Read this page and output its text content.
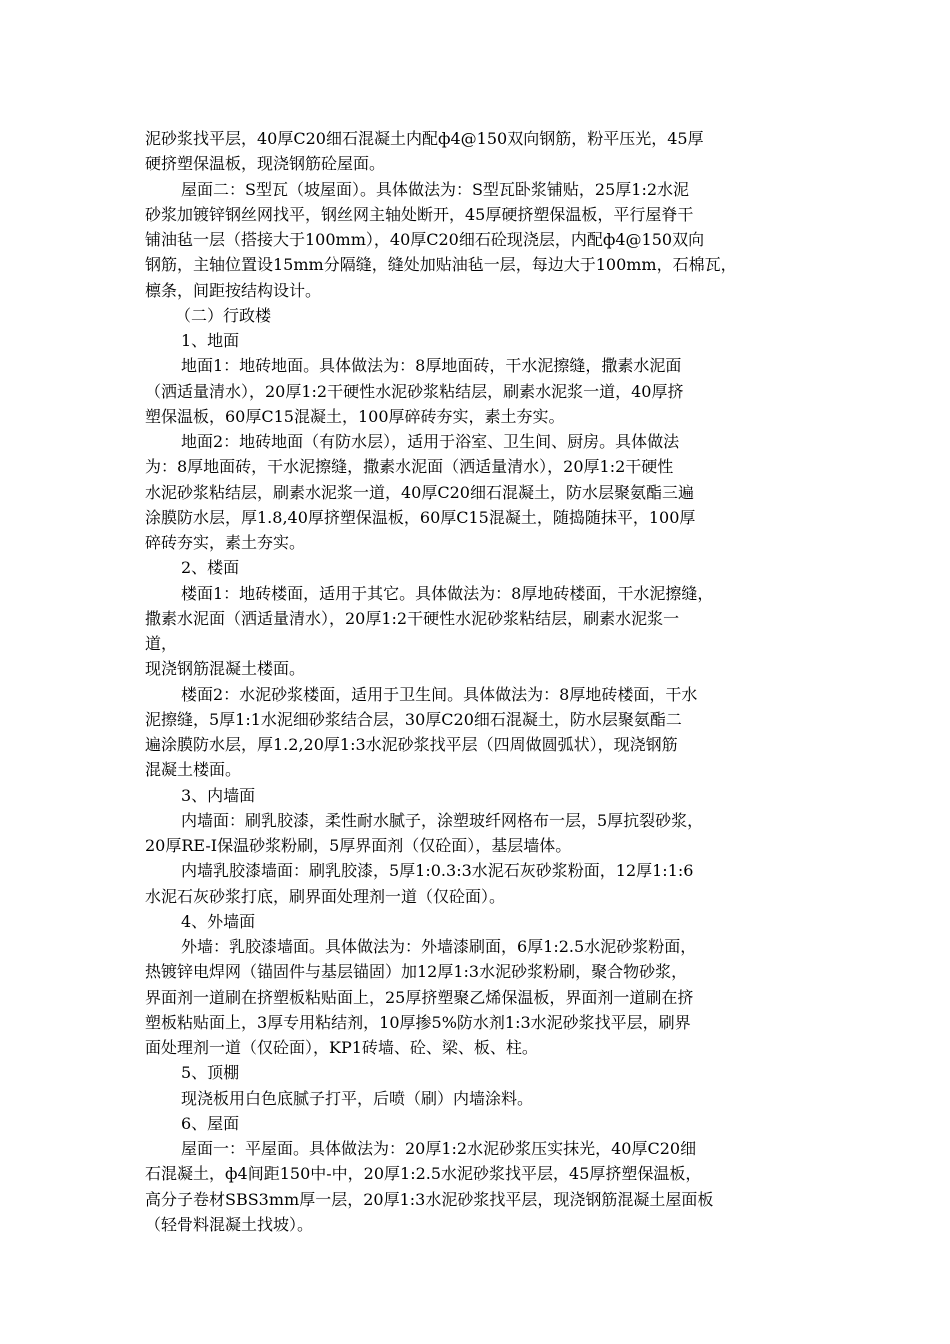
泥砂浆找平层，40厚C20细石混凝土内配ф4@150双向钢筋，粉平压光，45厚
硬挤塑保温板，现浇钢筋砼屋面。
屋面二：S型瓦（坡屋面）。具体做法为：S型瓦卧浆铺贴，25厚1:2水泥
砂浆加镀锌钢丝网找平，钢丝网主轴处断开，45厚硬挤塑保温板，平行屋脊干
铺油毡一层（搭接大于100mm），40厚C20细石砼现浇层，内配ф4@150双向
钢筋，主轴位置设15mm分隔缝，缝处加贴油毡一层，每边大于100mm，石棉瓦，
檩条，间距按结构设计。
（二）行政楼
1、地面
地面1：地砖地面。具体做法为：8厚地面砖，干水泥擦缝，撒素水泥面
（洒适量清水），20厚1:2干硬性水泥砂浆粘结层，刷素水泥浆一道，40厚挤
塑保温板，60厚C15混凝土，100厚碎砖夯实，素土夯实。
地面2：地砖地面（有防水层），适用于浴室、卫生间、厨房。具体做法
为：8厚地面砖，干水泥擦缝，撒素水泥面（洒适量清水），20厚1:2干硬性
水泥砂浆粘结层，刷素水泥浆一道，40厚C20细石混凝土，防水层聚氨酯三遍
涂膜防水层，厚1.8,40厚挤塑保温板，60厚C15混凝土，随捣随抹平，100厚
碎砖夯实，素土夯实。
2、楼面
楼面1：地砖楼面，适用于其它。具体做法为：8厚地砖楼面，干水泥擦缝，
撒素水泥面（洒适量清水），20厚1:2干硬性水泥砂浆粘结层，刷素水泥浆一
道，
现浇钢筋混凝土楼面。
楼面2：水泥砂浆楼面，适用于卫生间。具体做法为：8厚地砖楼面，干水
泥擦缝，5厚1:1水泥细砂浆结合层，30厚C20细石混凝土，防水层聚氨酯二
遍涂膜防水层，厚1.2,20厚1:3水泥砂浆找平层（四周做圆弧状），现浇钢筋
混凝土楼面。
3、内墙面
内墙面：刷乳胶漆，柔性耐水腻子，涂塑玻纤网格布一层，5厚抗裂砂浆，
20厚RE-I保温砂浆粉刷，5厚界面剂（仅砼面），基层墙体。
内墙乳胶漆墙面：刷乳胶漆，5厚1:0.3:3水泥石灰砂浆粉面，12厚1:1:6
水泥石灰砂浆打底，刷界面处理剂一道（仅砼面）。
4、外墙面
外墙：乳胶漆墙面。具体做法为：外墙漆刷面，6厚1:2.5水泥砂浆粉面，
热镀锌电焊网（锚固件与基层锚固）加12厚1:3水泥砂浆粉刷，聚合物砂浆，
界面剂一道刷在挤塑板粘贴面上，25厚挤塑聚乙烯保温板，界面剂一道刷在挤
塑板粘贴面上，3厚专用粘结剂，10厚掺5%防水剂1:3水泥砂浆找平层，刷界
面处理剂一道（仅砼面），KP1砖墙、砼、梁、板、柱。
5、顶棚
现浇板用白色底腻子打平，后喷（刷）内墙涂料。
6、屋面
屋面一：平屋面。具体做法为：20厚1:2水泥砂浆压实抹光，40厚C20细
石混凝土，ф4间距150中-中，20厚1:2.5水泥砂浆找平层，45厚挤塑保温板，
高分子卷材SBS3mm厚一层，20厚1:3水泥砂浆找平层，现浇钢筋混凝土屋面板
（轻骨料混凝土找坡）。
